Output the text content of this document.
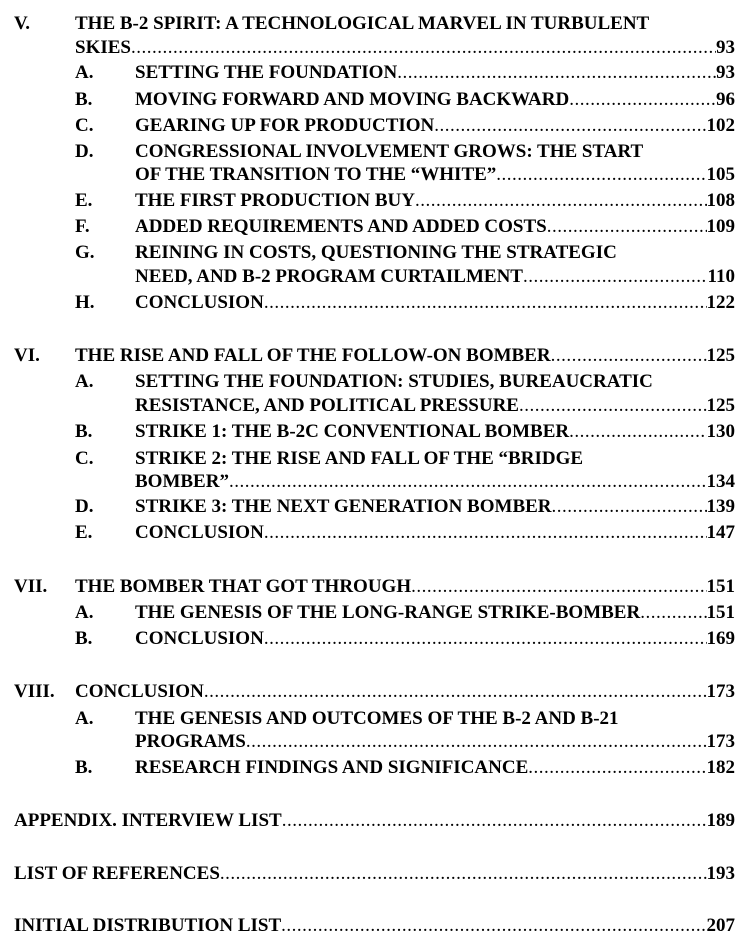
V. THE B-2 SPIRIT: A TECHNOLOGICAL MARVEL IN TURBULENT
SKIES .....	93
A. SETTING THE FOUNDATION .....	93
B. MOVING FORWARD AND MOVING BACKWARD .....	96
C. GEARING UP FOR PRODUCTION .....	102
D. CONGRESSIONAL INVOLVEMENT GROWS: THE START
OF THE TRANSITION TO THE “WHITE” .....	105
E. THE FIRST PRODUCTION BUY .....	108
F. ADDED REQUIREMENTS AND ADDED COSTS .....	109
G. REINING IN COSTS, QUESTIONING THE STRATEGIC
NEED, AND B-2 PROGRAM CURTAILMENT .....	110
H. CONCLUSION .....	122
VI. THE RISE AND FALL OF THE FOLLOW-ON BOMBER .....	125
A. SETTING THE FOUNDATION: STUDIES, BUREAUCRATIC
RESISTANCE, AND POLITICAL PRESSURE .....	125
B. STRIKE 1: THE B-2C CONVENTIONAL BOMBER .....	130
C. STRIKE 2: THE RISE AND FALL OF THE “BRIDGE
BOMBER” .....	134
D. STRIKE 3: THE NEXT GENERATION BOMBER .....	139
E. CONCLUSION .....	147
VII. THE BOMBER THAT GOT THROUGH .....	151
A. THE GENESIS OF THE LONG-RANGE STRIKE-BOMBER .....	151
B. CONCLUSION .....	169
VIII. CONCLUSION .....	173
A. THE GENESIS AND OUTCOMES OF THE B-2 AND B-21
PROGRAMS .....	173
B. RESEARCH FINDINGS AND SIGNIFICANCE .....	182
APPENDIX. INTERVIEW LIST .....	189
LIST OF REFERENCES .....	193
INITIAL DISTRIBUTION LIST .....	207
